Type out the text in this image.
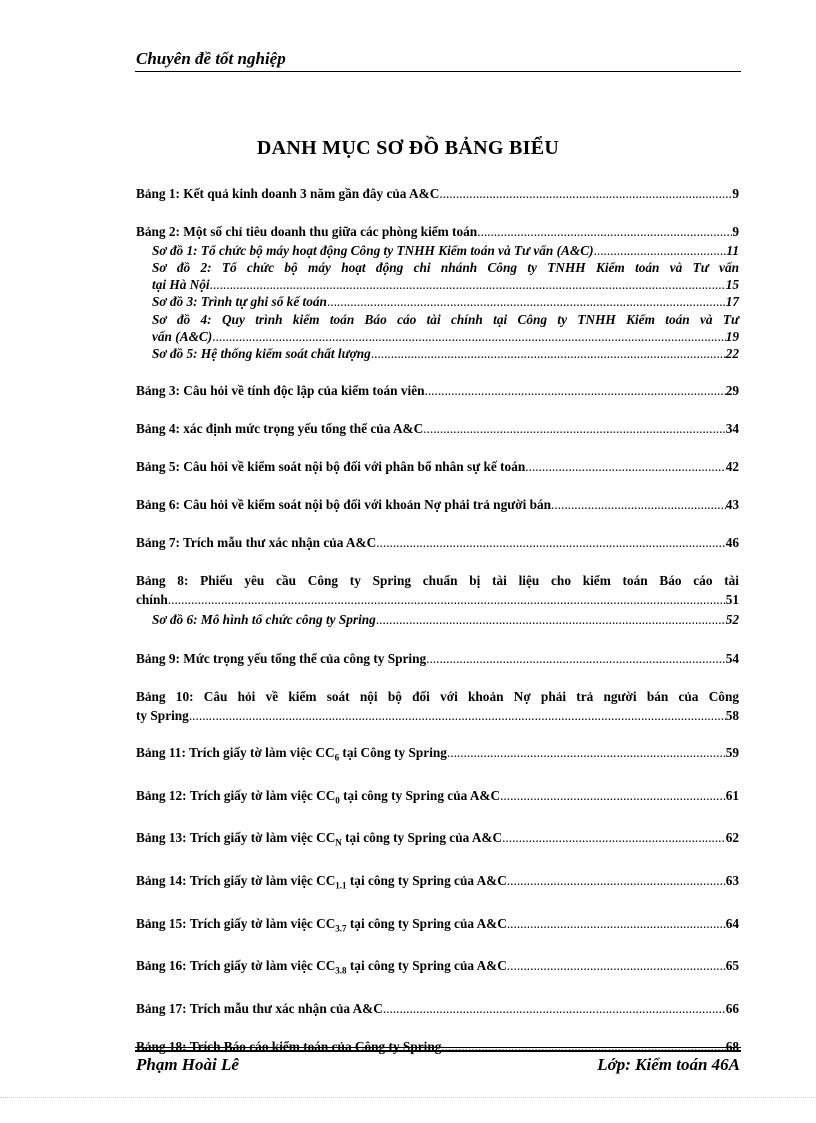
Chuyên đề tốt nghiệp
DANH MỤC SƠ ĐỒ BẢNG BIỂU
Bảng 1: Kết quả kinh doanh 3 năm gần đây của A&C .....	9
Bảng 2: Một số chỉ tiêu doanh thu giữa các phòng kiểm toán .....	9
Sơ đồ 1: Tổ chức bộ máy hoạt động Công ty TNHH Kiểm toán và Tư vấn (A&C) .....	11
Sơ đồ 2: Tổ chức bộ máy hoạt động chi nhánh Công ty TNHH Kiểm toán và Tư vấn
tại Hà Nội .....	15
Sơ đồ 3: Trình tự ghi sổ kế toán .....	17
Sơ đồ 4: Quy trình kiểm toán Báo cáo tài chính tại Công ty TNHH Kiểm toán và Tư
vấn (A&C) .....	19
Sơ đồ 5: Hệ thống kiểm soát chất lượng .....	22
Bảng 3: Câu hỏi về tính độc lập của kiểm toán viên .....	29
Bảng 4: xác định mức trọng yếu tổng thể của A&C .....	34
Bảng 5: Câu hỏi về kiểm soát nội bộ đối với phân bổ nhân sự kế toán .....	42
Bảng 6: Câu hỏi về kiểm soát nội bộ đối với khoản Nợ phải trả người bán .....	43
Bảng 7: Trích mẫu thư xác nhận của A&C .....	46
Bảng 8: Phiếu yêu cầu Công ty Spring chuẩn bị tài liệu cho kiểm toán Báo cáo tài
chính .....	51
Sơ đồ 6: Mô hình tổ chức công ty Spring .....	52
Bảng 9: Mức trọng yếu tổng thể của công ty Spring .....	54
Bảng 10: Câu hỏi về kiểm soát nội bộ đối với khoản Nợ phải trả người bán của Công
ty Spring .....	58
Bảng 11: Trích giấy tờ làm việc $CC_6$ tại Công ty Spring .....	59
Bảng 12: Trích giấy tờ làm việc $CC_0$ tại công ty Spring của A&C .....	61
Bảng 13: Trích giấy tờ làm việc $CC_N$ tại công ty Spring của A&C .....	62
Bảng 14: Trích giấy tờ làm việc $CC_{1.1}$ tại công ty Spring của A&C .....	63
Bảng 15: Trích giấy tờ làm việc $CC_{3.7}$ tại công ty Spring của A&C .....	64
Bảng 16: Trích giấy tờ làm việc $CC_{3.8}$ tại công ty Spring của A&C .....	65
Bảng 17: Trích mẫu thư xác nhận của A&C .....	66
Bảng 18: Trích Báo cáo kiểm toán của Công ty Spring .....	68
Phạm Hoài Lê	Lớp: Kiểm toán 46A
